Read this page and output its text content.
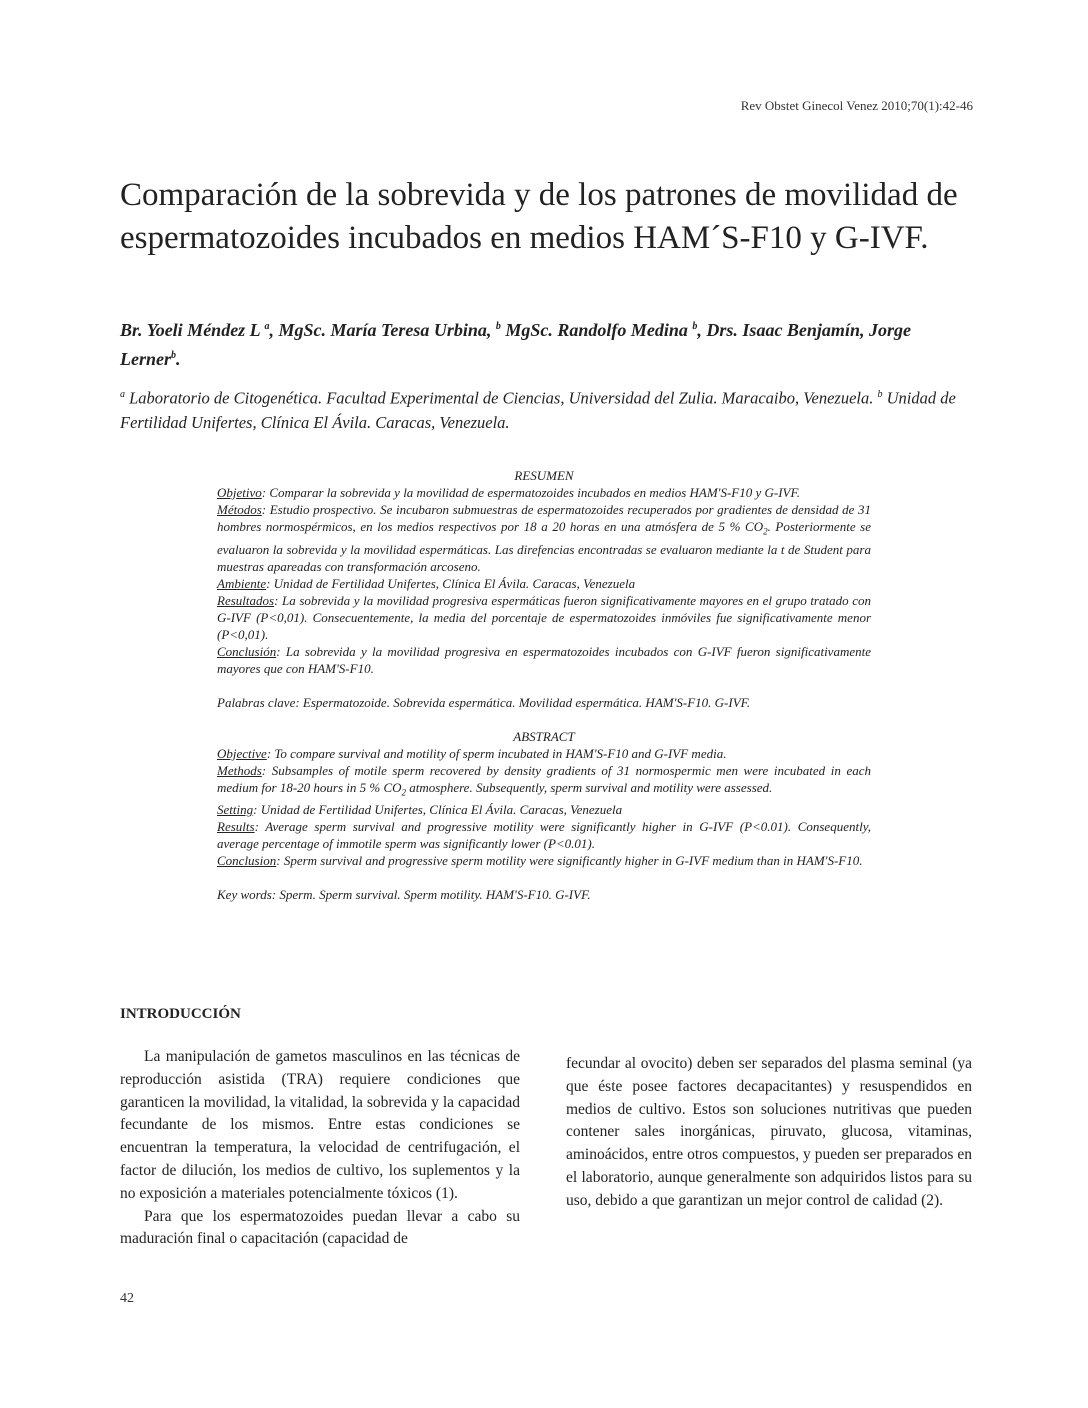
Rev Obstet Ginecol Venez 2010;70(1):42-46
Comparación de la sobrevida y de los patrones de movilidad de espermatozoides incubados en medios HAM´S-F10 y G-IVF.
Br. Yoeli Méndez L $^a$, MgSc. María Teresa Urbina, $^b$ MgSc. Randolfo Medina $^b$, Drs. Isaac Benjamín, Jorge Lerner$^b$.
$^a$ Laboratorio de Citogenética. Facultad Experimental de Ciencias, Universidad del Zulia. Maracaibo, Venezuela. $^b$ Unidad de Fertilidad Unifertes, Clínica El Ávila. Caracas, Venezuela.

RESUMEN

Objetivo: Comparar la sobrevida y la movilidad de espermatozoides incubados en medios HAM'S-F10 y G-IVF.

Métodos: Estudio prospectivo. Se incubaron submuestras de espermatozoides recuperados por gradientes de densidad de 31 hombres normospérmicos, en los medios respectivos por 18 a 20 horas en una atmósfera de 5 % $CO_2$. Posteriormente se evaluaron la sobrevida y la movilidad espermáticas. Las direfencias encontradas se evaluaron mediante la t de Student para muestras apareadas con transformación arcoseno.

Ambiente: Unidad de Fertilidad Unifertes, Clínica El Ávila. Caracas, Venezuela

Resultados: La sobrevida y la movilidad progresiva espermáticas fueron significativamente mayores en el grupo tratado con G-IVF (P<0,01). Consecuentemente, la media del porcentaje de espermatozoides inmóviles fue significativamente menor (P<0,01).

Conclusión: La sobrevida y la movilidad progresiva en espermatozoides incubados con G-IVF fueron significativamente mayores que con HAM'S-F10.

Palabras clave: Espermatozoide. Sobrevida espermática. Movilidad espermática. HAM'S-F10. G-IVF.

ABSTRACT

Objective: To compare survival and motility of sperm incubated in HAM'S-F10 and G-IVF media.

Methods: Subsamples of motile sperm recovered by density gradients of 31 normospermic men were incubated in each medium for 18-20 hours in 5 % $CO_2$ atmosphere. Subsequently, sperm survival and motility were assessed.

Setting: Unidad de Fertilidad Unifertes, Clínica El Ávila. Caracas, Venezuela

Results: Average sperm survival and progressive motility were significantly higher in G-IVF (P<0.01). Consequently, average percentage of immotile sperm was significantly lower (P<0.01).

Conclusion: Sperm survival and progressive sperm motility were significantly higher in G-IVF medium than in HAM'S-F10.

Key words: Sperm. Sperm survival. Sperm motility. HAM'S-F10. G-IVF.

INTRODUCCIÓN

La manipulación de gametos masculinos en las técnicas de reproducción asistida (TRA) requiere condiciones que garanticen la movilidad, la vitalidad, la sobrevida y la capacidad fecundante de los mismos. Entre estas condiciones se encuentran la temperatura, la velocidad de centrifugación, el factor de dilución, los medios de cultivo, los suplementos y la no exposición a materiales potencialmente tóxicos (1).

Para que los espermatozoides puedan llevar a cabo su maduración final o capacitación (capacidad de

fecundar al ovocito) deben ser separados del plasma seminal (ya que éste posee factores decapacitantes) y resuspendidos en medios de cultivo. Estos son soluciones nutritivas que pueden contener sales inorgánicas, piruvato, glucosa, vitaminas, aminoácidos, entre otros compuestos, y pueden ser preparados en el laboratorio, aunque generalmente son adquiridos listos para su uso, debido a que garantizan un mejor control de calidad (2).

42
